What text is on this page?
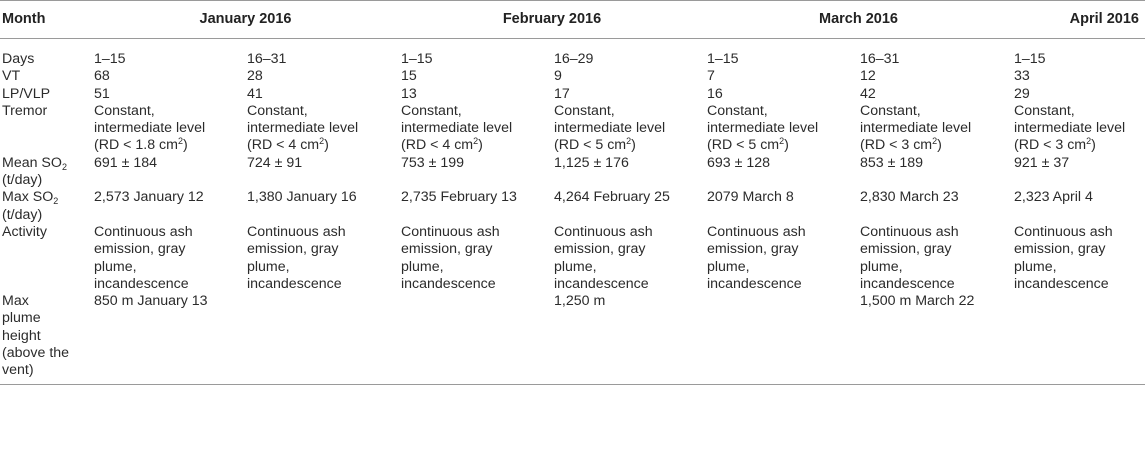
Month	January 2016		February 2016		March 2016		April 2016
Days	1–15	16–31	1–15	16–29	1–15	16–31	1–15
VT	68	28	15	9	7	12	33
LP/VLP	51	41	13	17	16	42	29
Tremor	Constant,
intermediate level
(RD < 1.8 $cm^2$)	Constant,
intermediate level
(RD < 4 $cm^2$)	Constant,
intermediate level
(RD < 4 $cm^2$)	Constant,
intermediate level
(RD < 5 $cm^2$)	Constant,
intermediate level
(RD < 5 $cm^2$)	Constant,
intermediate level
(RD < 3 $cm^2$)	Constant,
intermediate level
(RD < 3 $cm^2$)

Mean $SO_2$
(t/day)	691 ± 184	724 ± 91	753 ± 199	1,125 ± 176	693 ± 128	853 ± 189	921 ± 37

Max $SO_2$
(t/day)	2,573 January 12	1,380 January 16	2,735 February 13	4,264 February 25	2079 March 8	2,830 March 23	2,323 April 4
Activity	Continuous ash
emission, gray
plume,
incandescence	Continuous ash
emission, gray
plume,
incandescence	Continuous ash
emission, gray
plume,
incandescence	Continuous ash
emission, gray
plume,
incandescence	Continuous ash
emission, gray
plume,
incandescence	Continuous ash
emission, gray
plume,
incandescence	Continuous ash
emission, gray
plume,
incandescence

Max
plume
height
(above the
vent)	850 m January 13			1,250 m		1,500 m March 22	
